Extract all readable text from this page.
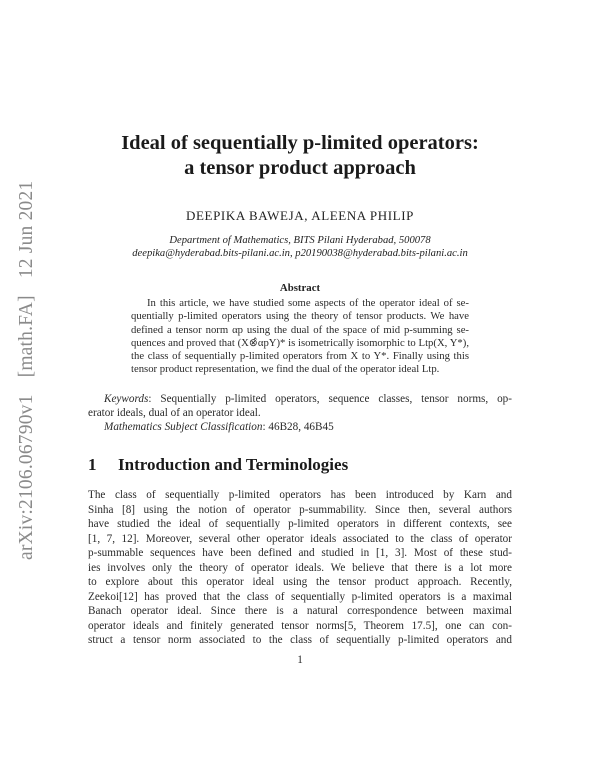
arXiv:2106.06790v1 [math.FA] 12 Jun 2021
Ideal of sequentially p-limited operators:
a tensor product approach
DEEPIKA BAWEJA, ALEENA PHILIP
Department of Mathematics, BITS Pilani Hyderabad, 500078
deepika@hyderabad.bits-pilani.ac.in, p20190038@hyderabad.bits-pilani.ac.in
Abstract
In this article, we have studied some aspects of the operator ideal of se-
quentially p-limited operators using the theory of tensor products. We have
defined a tensor norm αp using the dual of the space of mid p-summing se-
quences and proved that (X⊗̂αpY)* is isometrically isomorphic to Ltp(X, Y*),
the class of sequentially p-limited operators from X to Y*. Finally using this
tensor product representation, we find the dual of the operator ideal Ltp.
Keywords: Sequentially p-limited operators, sequence classes, tensor norms, op-
erator ideals, dual of an operator ideal.
Mathematics Subject Classification: 46B28, 46B45
1 Introduction and Terminologies
The class of sequentially p-limited operators has been introduced by Karn and
Sinha [8] using the notion of operator p-summability. Since then, several authors
have studied the ideal of sequentially p-limited operators in different contexts, see
[1, 7, 12]. Moreover, several other operator ideals associated to the class of operator
p-summable sequences have been defined and studied in [1, 3]. Most of these stud-
ies involves only the theory of operator ideals. We believe that there is a lot more
to explore about this operator ideal using the tensor product approach. Recently,
Zeekoi[12] has proved that the class of sequentially p-limited operators is a maximal
Banach operator ideal. Since there is a natural correspondence between maximal
operator ideals and finitely generated tensor norms[5, Theorem 17.5], one can con-
struct a tensor norm associated to the class of sequentially p-limited operators and
1
